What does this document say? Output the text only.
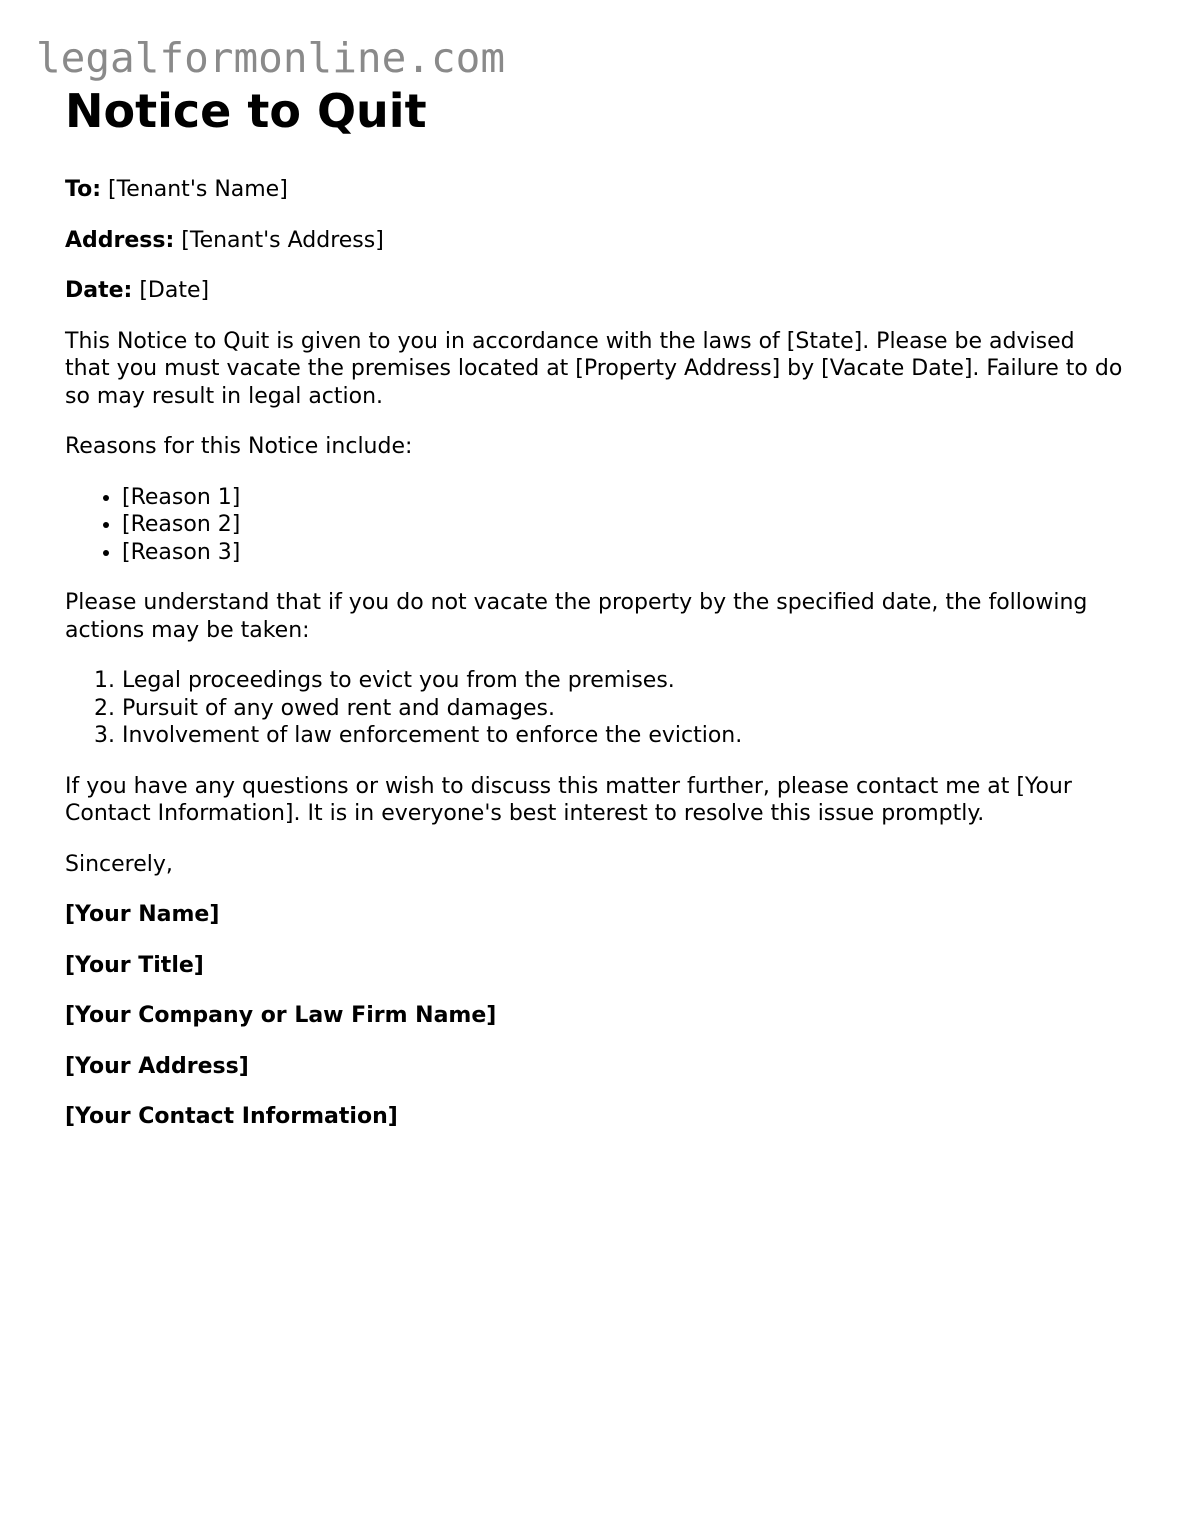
legalformonline.com
Notice to Quit

To: [Tenant's Name]

Address: [Tenant's Address]

Date: [Date]

This Notice to Quit is given to you in accordance with the laws of [State]. Please be advised that you must vacate the premises located at [Property Address] by [Vacate Date]. Failure to do so may result in legal action.

Reasons for this Notice include:

• [Reason 1]
• [Reason 2]
• [Reason 3]

Please understand that if you do not vacate the property by the specified date, the following actions may be taken:

1. Legal proceedings to evict you from the premises.
2. Pursuit of any owed rent and damages.
3. Involvement of law enforcement to enforce the eviction.

If you have any questions or wish to discuss this matter further, please contact me at [Your Contact Information]. It is in everyone's best interest to resolve this issue promptly.

Sincerely,

[Your Name]

[Your Title]

[Your Company or Law Firm Name]

[Your Address]

[Your Contact Information]
